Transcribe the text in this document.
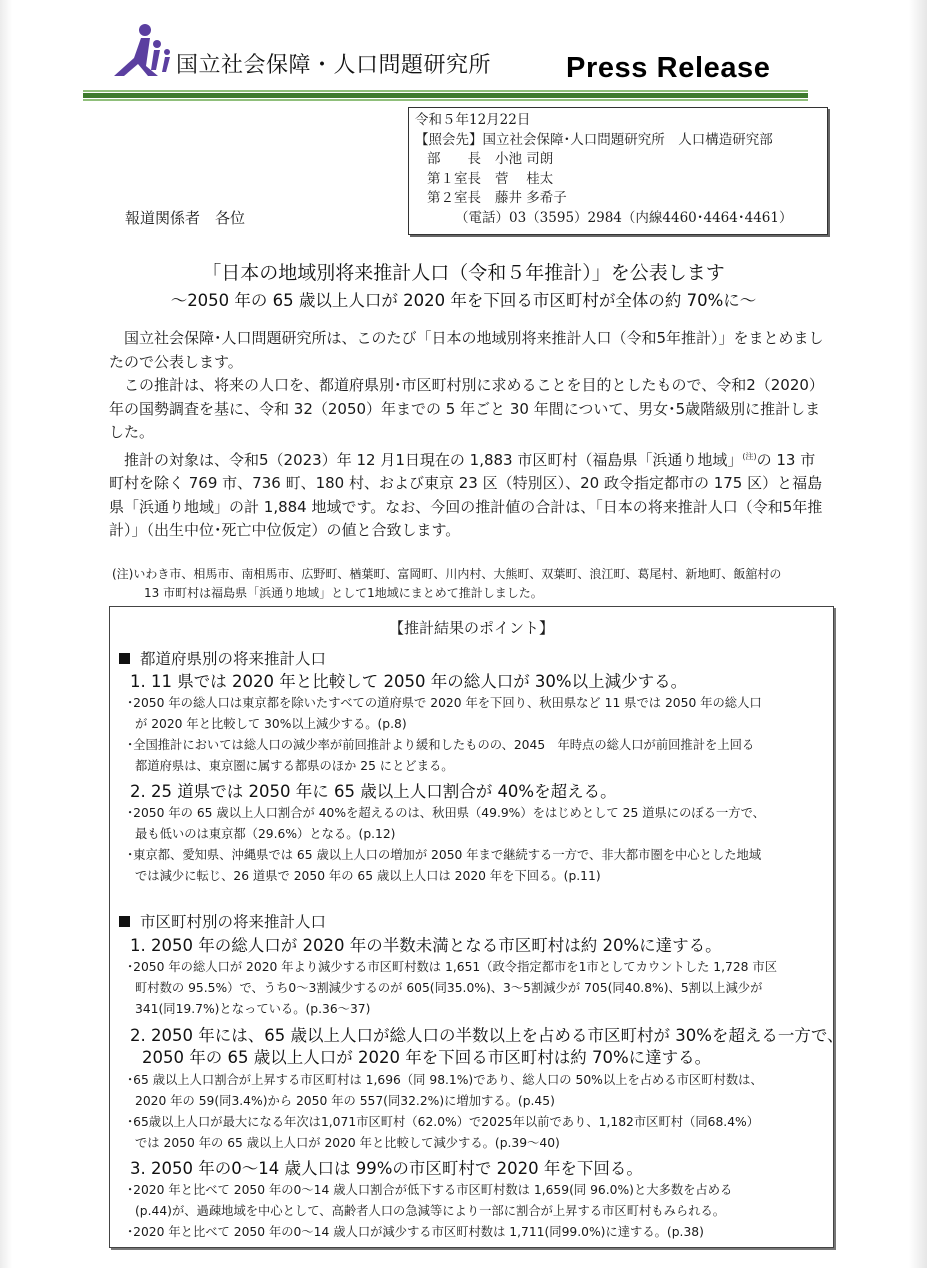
国立社会保障・人口問題研究所	Press Release
令和５年12月22日
【照会先】国立社会保障･人口問題研究所　人口構造研究部
部　　長 小池 司朗
第１室長 菅　 桂太
第２室長 藤井 多希子
（電話）03（3595）2984（内線4460･4464･4461）
報道関係者　各位
「日本の地域別将来推計人口（令和５年推計）」を公表します
～2050 年の 65 歳以上人口が 2020 年を下回る市区町村が全体の約 70%に～

国立社会保障･人口問題研究所は、このたび「日本の地域別将来推計人口（令和5年推計）」をまとめましたので公表します。

この推計は、将来の人口を、都道府県別･市区町村別に求めることを目的としたもので、令和2（2020）年の国勢調査を基に、令和 32（2050）年までの 5 年ごと 30 年間について、男女･5歳階級別に推計しました。

推計の対象は、令和5（2023）年 12 月1日現在の 1,883 市区町村（福島県「浜通り地域」$^{(注)}$の 13 市町村を除く 769 市、736 町、180 村、および東京 23 区（特別区）、20 政令指定都市の 175 区）と福島県「浜通り地域」の計 1,884 地域です。なお、今回の推計値の合計は、「日本の将来推計人口（令和5年推計）」（出生中位･死亡中位仮定）の値と合致します。

(注)いわき市、相馬市、南相馬市、広野町、楢葉町、富岡町、川内村、大熊町、双葉町、浪江町、葛尾村、新地町、飯舘村の
13 市町村は福島県「浜通り地域」として1地域にまとめて推計しました。
【推計結果のポイント】
都道府県別の将来推計人口
1. 11 県では 2020 年と比較して 2050 年の総人口が 30%以上減少する。
･2050 年の総人口は東京都を除いたすべての道府県で 2020 年を下回り、秋田県など 11 県では 2050 年の総人口
が 2020 年と比較して 30%以上減少する。(p.8)
･全国推計においては総人口の減少率が前回推計より緩和したものの、2045　年時点の総人口が前回推計を上回る
都道府県は、東京圏に属する都県のほか 25 にとどまる。
2. 25 道県では 2050 年に 65 歳以上人口割合が 40%を超える。
･2050 年の 65 歳以上人口割合が 40%を超えるのは、秋田県（49.9%）をはじめとして 25 道県にのぼる一方で、
最も低いのは東京都（29.6%）となる。(p.12)
･東京都、愛知県、沖縄県では 65 歳以上人口の増加が 2050 年まで継続する一方で、非大都市圏を中心とした地域
では減少に転じ、26 道県で 2050 年の 65 歳以上人口は 2020 年を下回る。(p.11)
市区町村別の将来推計人口
1. 2050 年の総人口が 2020 年の半数未満となる市区町村は約 20%に達する。
･2050 年の総人口が 2020 年より減少する市区町村数は 1,651（政令指定都市を1市としてカウントした 1,728 市区
町村数の 95.5%）で、うち0～3割減少するのが 605(同35.0%)、3～5割減少が 705(同40.8%)、5割以上減少が
341(同19.7%)となっている。(p.36～37)
2. 2050 年には、65 歳以上人口が総人口の半数以上を占める市区町村が 30%を超える一方で、
2050 年の 65 歳以上人口が 2020 年を下回る市区町村は約 70%に達する。
･65 歳以上人口割合が上昇する市区町村は 1,696（同 98.1%)であり、総人口の 50%以上を占める市区町村数は、
2020 年の 59(同3.4%)から 2050 年の 557(同32.2%)に増加する。(p.45)
･65歳以上人口が最大になる年次は1,071市区町村（62.0%）で2025年以前であり、1,182市区町村（同68.4%）
では 2050 年の 65 歳以上人口が 2020 年と比較して減少する。(p.39～40)
3. 2050 年の0～14 歳人口は 99%の市区町村で 2020 年を下回る。
･2020 年と比べて 2050 年の0～14 歳人口割合が低下する市区町村数は 1,659(同 96.0%)と大多数を占める
(p.44)が、過疎地域を中心として、高齢者人口の急減等により一部に割合が上昇する市区町村もみられる。
･2020 年と比べて 2050 年の0～14 歳人口が減少する市区町村数は 1,711(同99.0%)に達する。(p.38)
